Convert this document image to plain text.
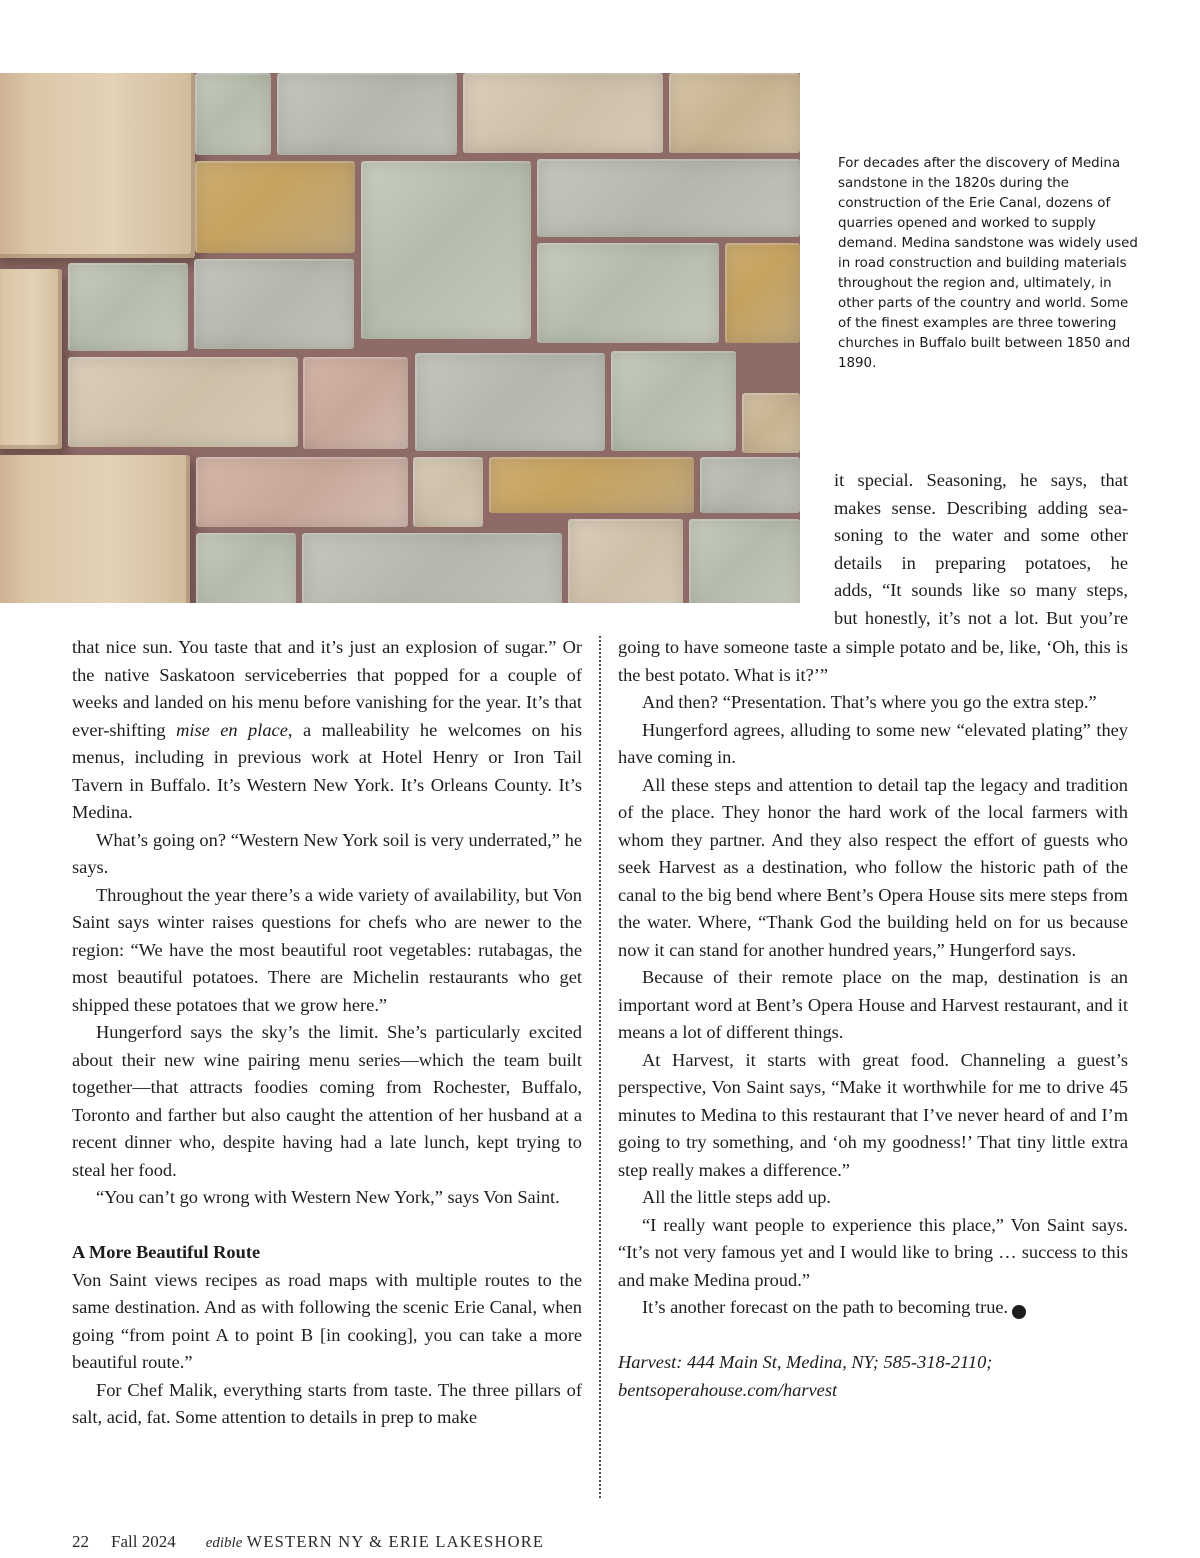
For decades after the discovery of Medina sandstone in the 1820s during the construction of the Erie Canal, dozens of quarries opened and worked to supply demand. Medina sandstone was widely used in road construction and building materials throughout the region and, ultimately, in other parts of the country and world. Some of the finest examples are three towering churches in Buffalo built between 1850 and 1890.

it special. Seasoning, he says, that

makes sense. Describing adding sea-

soning to the water and some other

details in preparing potatoes, he

adds, “It sounds like so many steps,

but honestly, it’s not a lot. But you’re

that nice sun. You taste that and it’s just an explosion of sugar.” Or the native Saskatoon serviceberries that popped for a couple of weeks and landed on his menu before vanishing for the year. It’s that ever-shifting mise en place, a malleability he welcomes on his menus, including in previous work at Hotel Henry or Iron Tail Tavern in Buffalo. It’s Western New York. It’s Orleans County. It’s Medina.

What’s going on? “Western New York soil is very underrated,” he says.

Throughout the year there’s a wide variety of availability, but Von Saint says winter raises questions for chefs who are newer to the region: “We have the most beautiful root vegetables: rutabagas, the most beautiful potatoes. There are Michelin restaurants who get shipped these potatoes that we grow here.”

Hungerford says the sky’s the limit. She’s particularly excited about their new wine pairing menu series—which the team built together—that attracts foodies coming from Rochester, Buffalo, Toronto and farther but also caught the attention of her husband at a recent dinner who, despite having had a late lunch, kept trying to steal her food.

“You can’t go wrong with Western New York,” says Von Saint.

A More Beautiful Route

Von Saint views recipes as road maps with multiple routes to the same destination. And as with following the scenic Erie Canal, when going “from point A to point B [in cooking], you can take a more beautiful route.”

For Chef Malik, everything starts from taste. The three pillars of salt, acid, fat. Some attention to details in prep to make

going to have someone taste a simple potato and be, like, ‘Oh, this is the best potato. What is it?’”

And then? “Presentation. That’s where you go the extra step.”

Hungerford agrees, alluding to some new “elevated plating” they have coming in.

All these steps and attention to detail tap the legacy and tradition of the place. They honor the hard work of the local farmers with whom they partner. And they also respect the effort of guests who seek Harvest as a destination, who follow the historic path of the canal to the big bend where Bent’s Opera House sits mere steps from the water. Where, “Thank God the building held on for us because now it can stand for another hundred years,” Hungerford says.

Because of their remote place on the map, destination is an important word at Bent’s Opera House and Harvest restaurant, and it means a lot of different things.

At Harvest, it starts with great food. Channeling a guest’s perspective, Von Saint says, “Make it worthwhile for me to drive 45 minutes to Medina to this restaurant that I’ve never heard of and I’m going to try something, and ‘oh my goodness!’ That tiny little extra step really makes a difference.”

All the little steps add up.

“I really want people to experience this place,” Von Saint says. “It’s not very famous yet and I would like to bring … success to this and make Medina proud.”

It’s another forecast on the path to becoming true.	e

Harvest: 444 Main St, Medina, NY; 585-318-2110;

bentsoperahouse.com/harvest

22 Fall 2024 edible WESTERN NY & ERIE LAKESHORE
